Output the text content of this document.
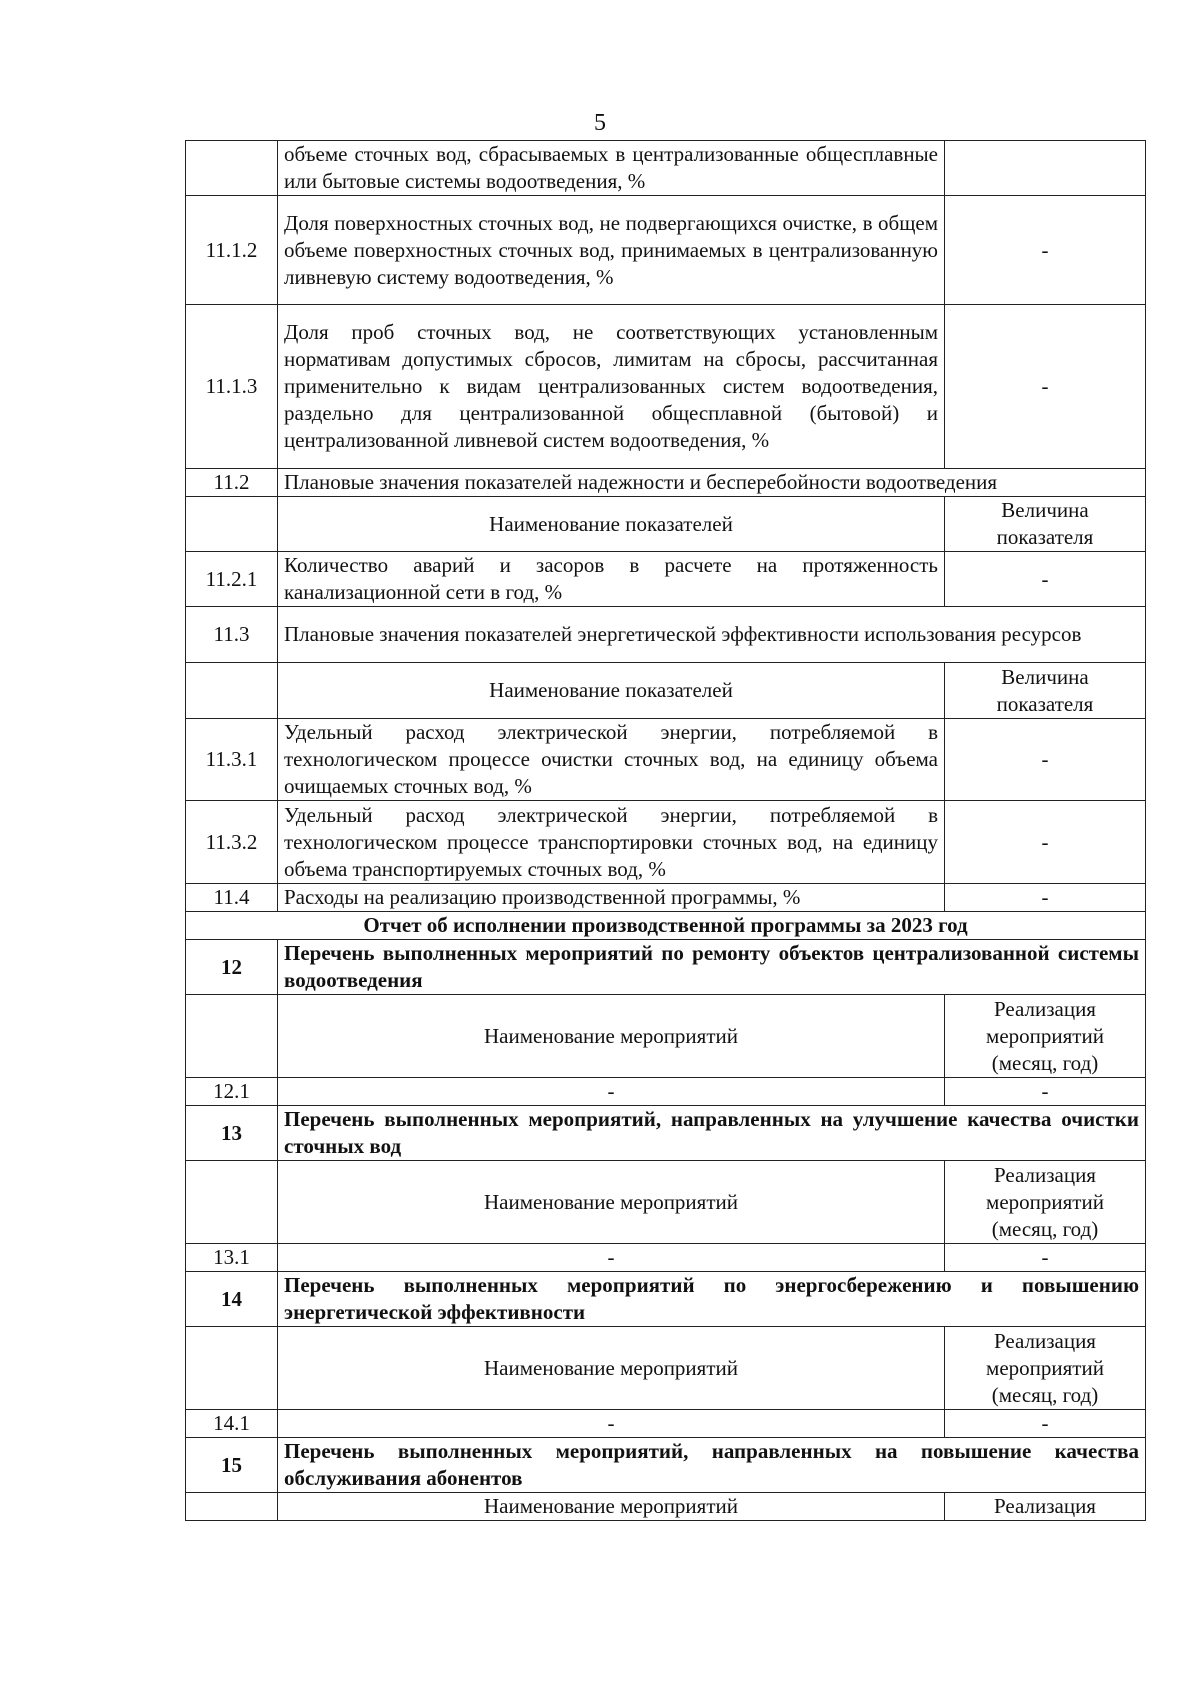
5
	объеме сточных вод, сбрасываемых в централизованные общесплавные или бытовые системы водоотведения, %	
11.1.2	Доля поверхностных сточных вод, не подвергающихся очистке, в общем объеме поверхностных сточных вод, принимаемых в централизованную ливневую систему водоотведения, %	-
11.1.3	Доля проб сточных вод, не соответствующих установленным нормативам допустимых сбросов, лимитам на сбросы, рассчитанная применительно к видам централизованных систем водоотведения, раздельно для централизованной общесплавной (бытовой) и централизованной ливневой систем водоотведения, %	-
11.2	Плановые значения показателей надежности и бесперебойности водоотведения	
	Наименование показателей	Величина показателя
11.2.1	Количество аварий и засоров в расчете на протяженность канализационной сети в год, %	-
11.3	Плановые значения показателей энергетической эффективности использования ресурсов	
	Наименование показателей	Величина показателя
11.3.1	Удельный расход электрической энергии, потребляемой в технологическом процессе очистки сточных вод, на единицу объема очищаемых сточных вод, %	-
11.3.2	Удельный расход электрической энергии, потребляемой в технологическом процессе транспортировки сточных вод, на единицу объема транспортируемых сточных вод, %	-
11.4	Расходы на реализацию производственной программы, %	-
Отчет об исполнении производственной программы за 2023 год		
12	Перечень выполненных мероприятий по ремонту объектов централизованной системы водоотведения	
	Наименование мероприятий	Реализация мероприятий (месяц, год)
12.1	-	-
13	Перечень выполненных мероприятий, направленных на улучшение качества очистки сточных вод	
	Наименование мероприятий	Реализация мероприятий (месяц, год)
13.1	-	-
14	Перечень выполненных мероприятий по энергосбережению и повышению энергетической эффективности	
	Наименование мероприятий	Реализация мероприятий (месяц, год)
14.1	-	-
15	Перечень выполненных мероприятий, направленных на повышение качества обслуживания абонентов	
	Наименование мероприятий	Реализация
